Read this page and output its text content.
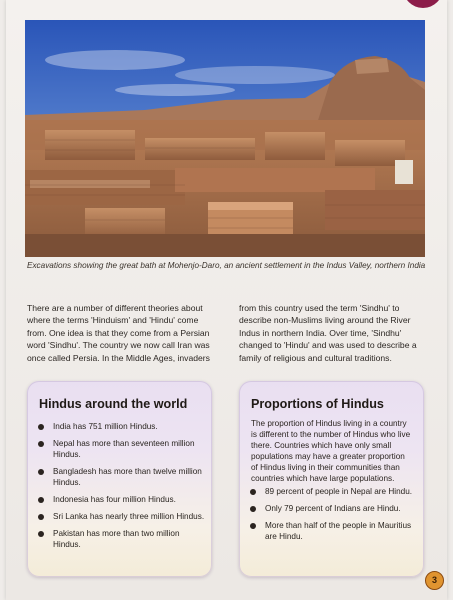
Excavations showing the great bath at Mohenjo-Daro, an ancient settlement in the Indus Valley, northern India

There are a number of different theories about where the terms 'Hinduism' and 'Hindu' come from. One idea is that they come from a Persian word 'Sindhu'. The country we now call Iran was once called Persia. In the Middle Ages, invaders

from this country used the term 'Sindhu' to describe non-Muslims living around the River Indus in northern India. Over time, 'Sindhu' changed to 'Hindu' and was used to describe a family of religious and cultural traditions.

Hindus around the world
India has 751 million Hindus.
Nepal has more than seventeen million Hindus.
Bangladesh has more than twelve million Hindus.
Indonesia has four million Hindus.
Sri Lanka has nearly three million Hindus.
Pakistan has more than two million Hindus.
Proportions of Hindus
The proportion of Hindus living in a country is different to the number of Hindus who live there. Countries which have only small populations may have a greater proportion of Hindus living in their communities than countries which have large populations.
89 percent of people in Nepal are Hindu.
Only 79 percent of Indians are Hindu.
More than half of the people in Mauritius are Hindu.
3
